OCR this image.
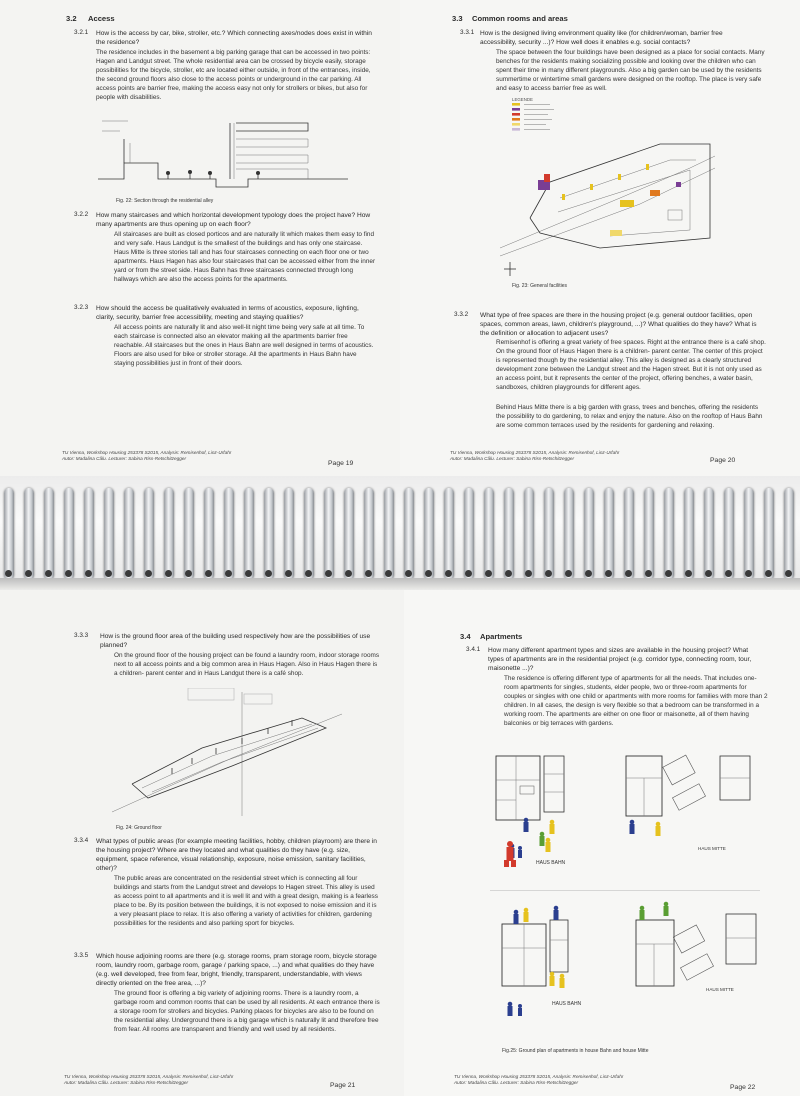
3.2 Access
3.2.1 How is the access by car, bike, stroller, etc.? Which connecting axes/nodes does exist in within the residence?
The residence includes in the basement a big parking garage that can be accessed in two points: Hagen and Landgut street. The whole residential area can be crossed by bicycle easily, storage possibilities for the bicycle, stroller, etc are located either outside, in front of the entrances, inside, the second ground floors also close to the access points or underground in the car parking. All access points are barrier free, making the access easy not only for strollers or bikes, but also for people with disabilities.
Fig. 22: Section through the residential alley
3.2.2 How many staircases and which horizontal development typology does the project have? How many apartments are thus opening up on each floor?
All staircases are built as closed porticos and are naturally lit which makes them easy to find and very safe. Haus Landgut is the smallest of the buildings and has only one staircase. Haus Mitte is three stories tall and has four staircases connecting on each floor one or two apartments. Haus Hagen has also four staircases that can be accessed either from the inner yard or from the street side. Haus Bahn has three staircases connected through long hallways which are also the access points for the apartments.
3.2.3 How should the access be qualitatively evaluated in terms of acoustics, exposure, lighting, clarity, security, barrier free accessibility, meeting and staying qualities?
All access points are naturally lit and also well-lit night time being very safe at all time. To each staircase is connected also an elevator making all the apartments barrier free reachable. All staircases but the ones in Haus Bahn are well designed in terms of acoustics. Floors are also used for bike or stroller storage. All the apartments in Haus Bahn have staying possibilities just in front of their doors.
TU Vienna, Workshop Housing 253378 S2015, Analysis: Remisenhof, Linz-Urfahr
Autor: Madalina Câlu. Lecturer: Sabina Riss-Retschitzegger
Page 19
3.3 Common rooms and areas
3.3.1 How is the designed living environment quality like (for children/woman, barrier free accessibility, security ...)? How well does it enables e.g. social contacts?
The space between the four buildings have been designed as a place for social contacts. Many benches for the residents making socializing possible and looking over the children who can spent their time in many different playgrounds. Also a big garden can be used by the residents summertime or wintertime small gardens were designed on the rooftop. The place is very safe and easy to access barrier free as well.
LEGENDE
Fig. 23: General facilities
3.3.2 What type of free spaces are there in the housing project (e.g. general outdoor facilities, open spaces, common areas, lawn, children's playground, ...)? What qualities do they have? What is the definition or allocation to adjacent uses?
Remisenhof is offering a great variety of free spaces. Right at the entrance there is a café shop. On the ground floor of Haus Hagen there is a children- parent center. The center of this project is represented though by the residential alley. This alley is designed as a clearly structured development zone between the Landgut street and the Hagen street. But it is not only used as an access point, but it represents the center of the project, offering benches, a water basin, sandboxes, children playgrounds for different ages.
Behind Haus Mitte there is a big garden with grass, trees and benches, offering the residents the possibility to do gardening, to relax and enjoy the nature. Also on the rooftop of Haus Bahn are some common terraces used by the residents for gardening and relaxing.
TU Vienna, Workshop Housing 253378 S2015, Analysis: Remisenhof, Linz-Urfahr
Autor: Madalina Câlu. Lecturer: Sabina Riss-Retschitzegger	Page 20
3.3.3 How is the ground floor area of the building used respectively how are the possibilities of use planned?
On the ground floor of the housing project can be found a laundry room, indoor storage rooms next to all access points and a big common area in Haus Hagen. Also in Haus Hagen there is a children- parent center and in Haus Landgut there is a café shop.
Fig. 24: Ground floor
3.3.4 What types of public areas (for example meeting facilities, hobby, children playroom) are there in the housing project? Where are they located and what qualities do they have (e.g. size, equipment, space reference, visual relationship, exposure, noise emission, sanitary facilities, other)?
The public areas are concentrated on the residential street which is connecting all four buildings and starts from the Landgut street and develops to Hagen street. This alley is used as access point to all apartments and it is well lit and with a great design, making is a fearless place to be. By its position between the buildings, it is not exposed to noise emission and it is a very pleasant place to relax. It is also offering a variety of activities for children, gardening possibilities for the residents and also parking sport for bicycles.
3.3.5 Which house adjoining rooms are there (e.g. storage rooms, pram storage room, bicycle storage room, laundry room, garbage room, garage / parking space, ...) and what qualities do they have (e.g. well developed, free from fear, bright, friendly, transparent, understandable, with views directly oriented on the free area, ...)?
The ground floor is offering a big variety of adjoining rooms. There is a laundry room, a garbage room and common rooms that can be used by all residents. At each entrance there is a storage room for strollers and bicycles. Parking places for bicycles are also to be found on the residential alley. Underground there is a big garage which is naturally lit and therefore free from fear. All rooms are transparent and friendly and well used by all residents.
TU Vienna, Workshop Housing 253378 S2015, Analysis: Remisenhof, Linz-Urfahr
Autor: Madalina Câlu. Lecturer: Sabina Riss-Retschitzegger	Page 21
3.4 Apartments
3.4.1 How many different apartment types and sizes are available in the housing project? What types of apartments are in the residential project (e.g. corridor type, connecting room, tour, maisonette ...)?
The residence is offering different type of apartments for all the needs. That includes one-room apartments for singles, students, elder people, two or three-room apartments for couples or singles with one child or apartments with more rooms for families with more than 2 children. In all cases, the design is very flexible so that a bedroom can be transformed in a working room. The apartments are either on one floor or maisonette, all of them having balconies or big terraces with gardens.
HAUS BAHN
HAUS MITTE
HAUS BAHN
HAUS MITTE
Fig.25: Ground plan of apartments in house Bahn and house Mitte
TU Vienna, Workshop Housing 253378 S2015, Analysis: Remisenhof, Linz-Urfahr
Autor: Madalina Câlu. Lecturer: Sabina Riss-Retschitzegger
Page 22
